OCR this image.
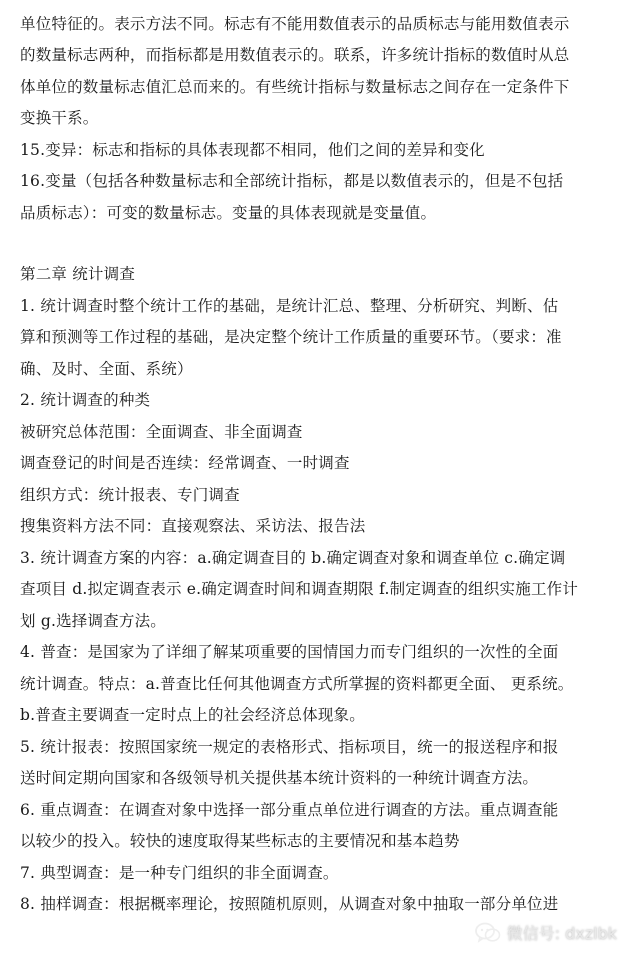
单位特征的。表示方法不同。标志有不能用数值表示的品质标志与能用数值表示
的数量标志两种，而指标都是用数值表示的。联系，许多统计指标的数值时从总
体单位的数量标志值汇总而来的。有些统计指标与数量标志之间存在一定条件下
变换干系。
15.变异：标志和指标的具体表现都不相同，他们之间的差异和变化
16.变量（包括各种数量标志和全部统计指标，都是以数值表示的，但是不包括
品质标志）：可变的数量标志。变量的具体表现就是变量值。
第二章 统计调查
1. 统计调查时整个统计工作的基础，是统计汇总、整理、分析研究、判断、估
算和预测等工作过程的基础，是决定整个统计工作质量的重要环节。（要求：准
确、及时、全面、系统）
2. 统计调查的种类
被研究总体范围：全面调查、非全面调查
调查登记的时间是否连续：经常调查、一时调查
组织方式：统计报表、专门调查
搜集资料方法不同：直接观察法、采访法、报告法
3. 统计调查方案的内容：a.确定调查目的 b.确定调查对象和调查单位 c.确定调
查项目 d.拟定调查表示 e.确定调查时间和调查期限 f.制定调查的组织实施工作计
划 g.选择调查方法。
4. 普查：是国家为了详细了解某项重要的国情国力而专门组织的一次性的全面
统计调查。特点：a.普查比任何其他调查方式所掌握的资料都更全面、 更系统。
b.普查主要调查一定时点上的社会经济总体现象。
5. 统计报表：按照国家统一规定的表格形式、指标项目，统一的报送程序和报
送时间定期向国家和各级领导机关提供基本统计资料的一种统计调查方法。
6. 重点调查：在调查对象中选择一部分重点单位进行调查的方法。重点调查能
以较少的投入。较快的速度取得某些标志的主要情况和基本趋势
7. 典型调查：是一种专门组织的非全面调查。
8. 抽样调查：根据概率理论，按照随机原则，从调查对象中抽取一部分单位进
微信号: dxzlbk
